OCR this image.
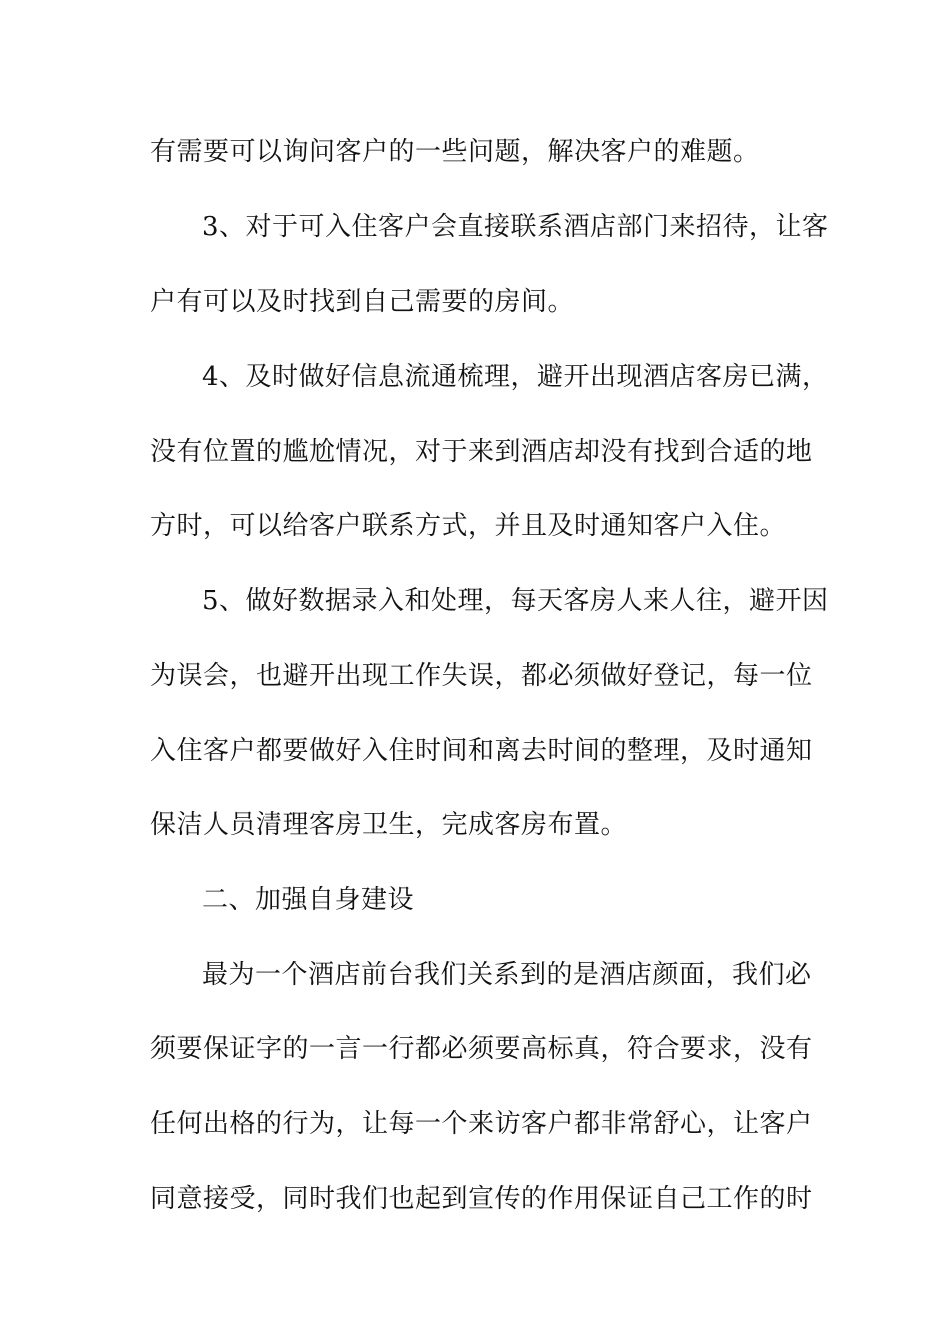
有需要可以询问客户的一些问题，解决客户的难题。

3、对于可入住客户会直接联系酒店部门来招待，让客

户有可以及时找到自己需要的房间。

4、及时做好信息流通梳理，避开出现酒店客房已满，

没有位置的尴尬情况，对于来到酒店却没有找到合适的地

方时，可以给客户联系方式，并且及时通知客户入住。

5、做好数据录入和处理，每天客房人来人往，避开因

为误会，也避开出现工作失误，都必须做好登记，每一位

入住客户都要做好入住时间和离去时间的整理，及时通知

保洁人员清理客房卫生，完成客房布置。

二、加强自身建设

最为一个酒店前台我们关系到的是酒店颜面，我们必

须要保证字的一言一行都必须要高标真，符合要求，没有

任何出格的行为，让每一个来访客户都非常舒心，让客户

同意接受，同时我们也起到宣传的作用保证自己工作的时
